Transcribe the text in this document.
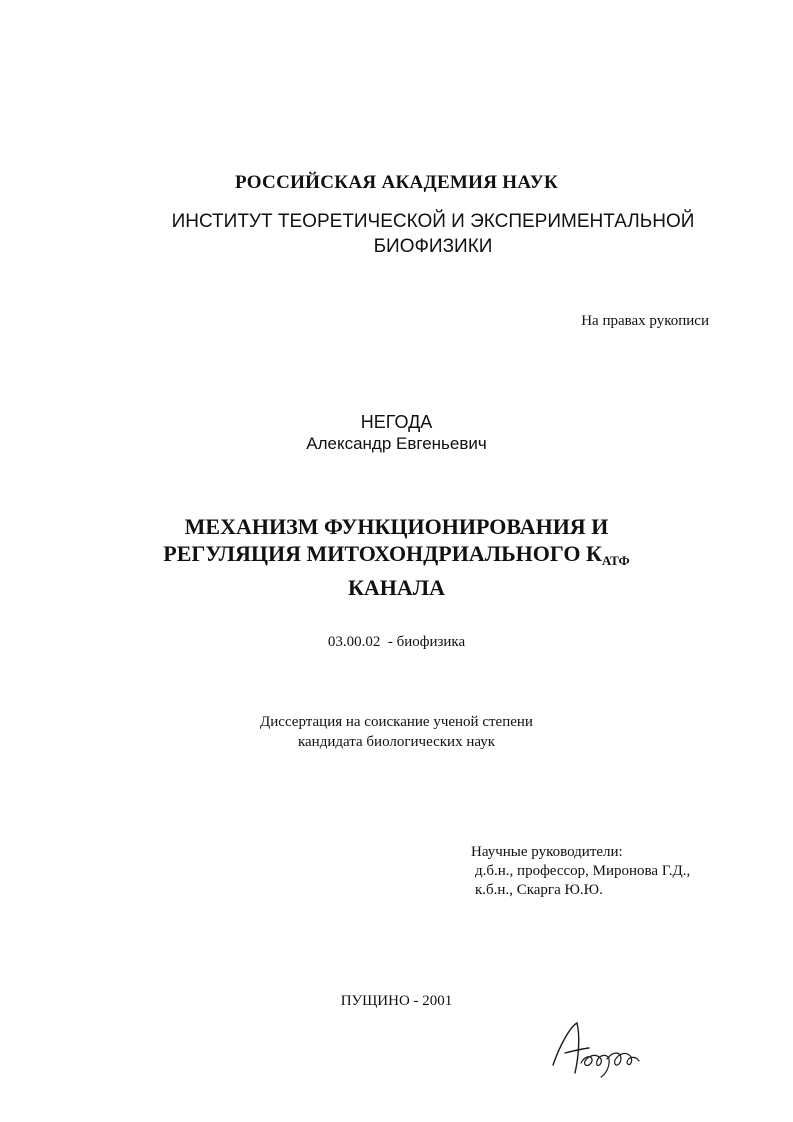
РОССИЙСКАЯ АКАДЕМИЯ НАУК
ИНСТИТУТ ТЕОРЕТИЧЕСКОЙ И ЭКСПЕРИМЕНТАЛЬНОЙ
БИОФИЗИКИ
На правах рукописи
НЕГОДА
Александр Евгеньевич
МЕХАНИЗМ ФУНКЦИОНИРОВАНИЯ И
РЕГУЛЯЦИЯ МИТОХОНДРИАЛЬНОГО $К_{АТФ}$
КАНАЛА
03.00.02  - биофизика
Диссертация на соискание ученой степени
кандидата биологических наук
Научные руководители:
д.б.н., профессор, Миронова Г.Д.,
к.б.н., Скарга Ю.Ю.
ПУЩИНО - 2001
